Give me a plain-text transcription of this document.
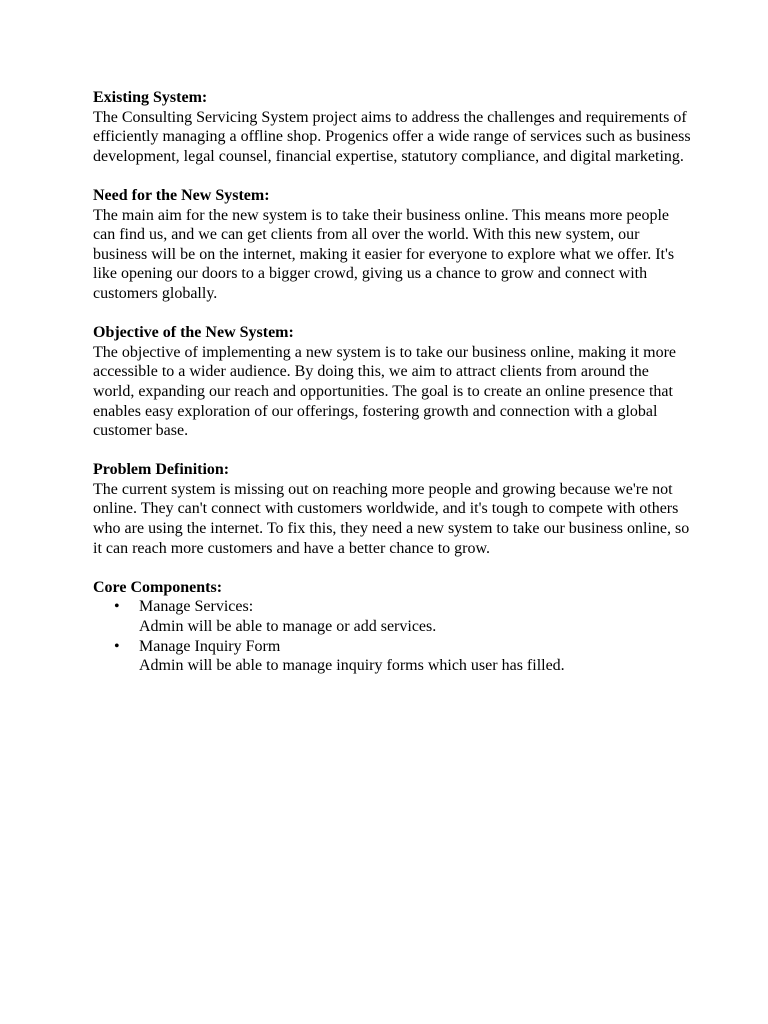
Existing System:
The Consulting Servicing System project aims to address the challenges and requirements of efficiently managing a offline shop. Progenics offer a wide range of services such as business development, legal counsel, financial expertise, statutory compliance, and digital marketing.
Need for the New System:
The main aim for the new system is to take their business online. This means more people can find us, and we can get clients from all over the world. With this new system, our business will be on the internet, making it easier for everyone to explore what we offer. It's like opening our doors to a bigger crowd, giving us a chance to grow and connect with customers globally.
Objective of the New System:
The objective of implementing a new system is to take our business online, making it more accessible to a wider audience. By doing this, we aim to attract clients from around the world, expanding our reach and opportunities. The goal is to create an online presence that enables easy exploration of our offerings, fostering growth and connection with a global customer base.
Problem Definition:
The current system is missing out on reaching more people and growing because we're not online. They can't connect with customers worldwide, and it's tough to compete with others who are using the internet. To fix this, they need a new system to take our business online, so it can reach more customers and have a better chance to grow.
Core Components:
• Manage Services:
Admin will be able to manage or add services.
• Manage Inquiry Form
Admin will be able to manage inquiry forms which user has filled.
